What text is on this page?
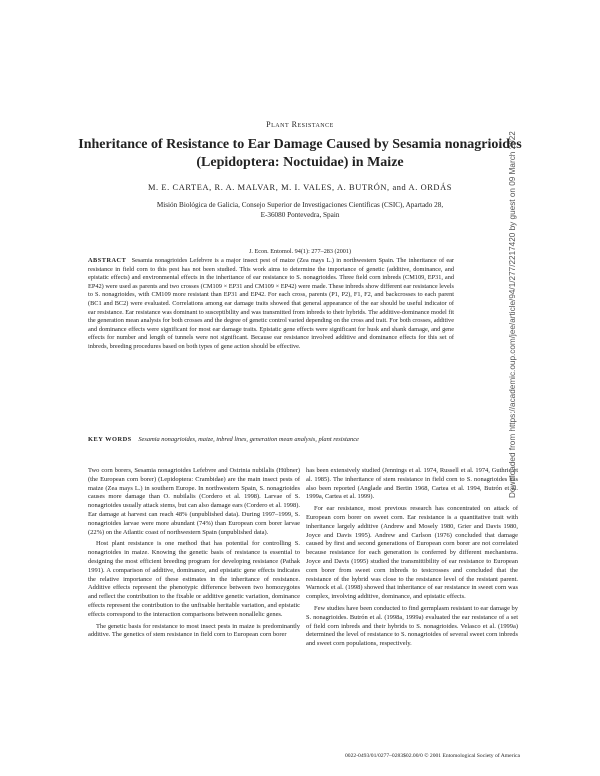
Plant Resistance
Inheritance of Resistance to Ear Damage Caused by Sesamia nonagrioides (Lepidoptera: Noctuidae) in Maize
M. E. CARTEA, R. A. MALVAR, M. I. VALES, A. BUTRÓN, and A. ORDÁS
Misión Biológica de Galicia, Consejo Superior de Investigaciones Científicas (CSIC), Apartado 28,
E-36080 Pontevedra, Spain
J. Econ. Entomol. 94(1): 277–283 (2001)

ABSTRACT Sesamia nonagrioides Lefebvre is a major insect pest of maize (Zea mays L.) in northwestern Spain. The inheritance of ear resistance in field corn to this pest has not been studied. This work aims to determine the importance of genetic (additive, dominance, and epistatic effects) and environmental effects in the inheritance of ear resistance to S. nonagrioides. Three field corn inbreds (CM109, EP31, and EP42) were used as parents and two crosses (CM109 × EP31 and CM109 × EP42) were made. These inbreds show different ear resistance levels to S. nonagrioides, with CM109 more resistant than EP31 and EP42. For each cross, parents (P1, P2), F1, F2, and backcrosses to each parent (BC1 and BC2) were evaluated. Correlations among ear damage traits showed that general appearance of the ear should be useful indicator of ear resistance. Ear resistance was dominant to susceptibility and was transmitted from inbreds to their hybrids. The additive-dominance model fit the generation mean analysis for both crosses and the degree of genetic control varied depending on the cross and trait. For both crosses, additive and dominance effects were significant for most ear damage traits. Epistatic gene effects were significant for husk and shank damage, and gene effects for number and length of tunnels were not significant. Because ear resistance involved additive and dominance effects for this set of inbreds, breeding procedures based on both types of gene action should be effective.

KEY WORDS Sesamia nonagrioides, maize, inbred lines, generation mean analysis, plant resistance

Two corn borers, Sesamia nonagrioides Lefebvre and Ostrinia nubilalis (Hübner) (the European corn borer) (Lepidoptera: Crambidae) are the main insect pests of maize (Zea mays L.) in southern Europe. In northwestern Spain, S. nonagrioides causes more damage than O. nubilalis (Cordero et al. 1998). Larvae of S. nonagrioides usually attack stems, but can also damage ears (Cordero et al. 1998). Ear damage at harvest can reach 48% (unpublished data). During 1997–1999, S. nonagrioides larvae were more abundant (74%) than European corn borer larvae (22%) on the Atlantic coast of northwestern Spain (unpublished data).

Host plant resistance is one method that has potential for controlling S. nonagrioides in maize. Knowing the genetic basis of resistance is essential to designing the most efficient breeding program for developing resistance (Pathak 1991). A comparison of additive, dominance, and epistatic gene effects indicates the relative importance of these estimates in the inheritance of resistance. Additive effects represent the phenotypic difference between two homozygotes and reflect the contribution to the fixable or additive genetic variation, dominance effects represent the contribution to the unfixable heritable variation, and epistatic effects correspond to the interaction comparisons between nonallelic genes.

The genetic basis for resistance to most insect pests in maize is predominantly additive. The genetics of stem resistance in field corn to European corn borer

has been extensively studied (Jennings et al. 1974, Russell et al. 1974, Guthrie et al. 1985). The inheritance of stem resistance in field corn to S. nonagrioides has also been reported (Anglade and Bertin 1968, Cartea et al. 1994, Butrón et al. 1999a, Cartea et al. 1999).

For ear resistance, most previous research has concentrated on attack of European corn borer on sweet corn. Ear resistance is a quantitative trait with inheritance largely additive (Andrew and Mosely 1980, Grier and Davis 1980, Joyce and Davis 1995). Andrew and Carlson (1976) concluded that damage caused by first and second generations of European corn borer are not correlated because resistance for each generation is conferred by different mechanisms. Joyce and Davis (1995) studied the transmittibility of ear resistance to European corn borer from sweet corn inbreds to testcrosses and concluded that the resistance of the hybrid was close to the resistance level of the resistant parent. Warnock et al. (1998) showed that inheritance of ear resistance in sweet corn was complex, involving additive, dominance, and epistatic effects.

Few studies have been conducted to find germplasm resistant to ear damage by S. nonagrioides. Butrón et al. (1998a, 1999a) evaluated the ear resistance of a set of field corn inbreds and their hybrids to S. nonagrioides. Velasco et al. (1999a) determined the level of resistance to S. nonagrioides of several sweet corn inbreds and sweet corn populations, respectively.

0022-0493/01/0277–0283$02.00/0 © 2001 Entomological Society of America
Downloaded from https://academic.oup.com/jee/article/94/1/277/2217420 by guest on 09 March 2022
